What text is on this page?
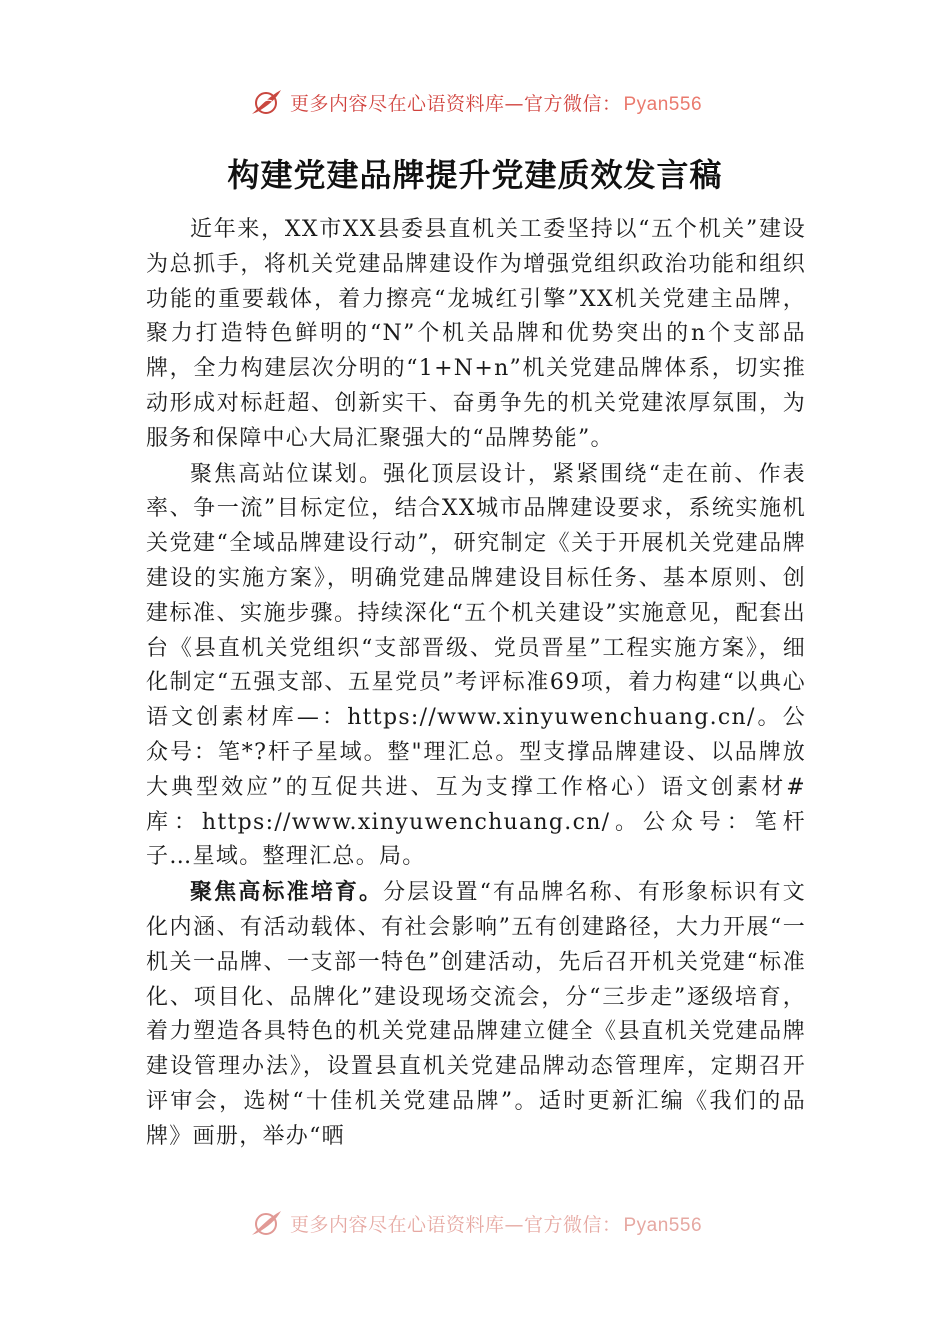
更多内容尽在心语资料库—官方微信： Pyan556
构建党建品牌提升党建质效发言稿

近年来，XX市XX县委县直机关工委坚持以“五个机关”建设为总抓手，将机关党建品牌建设作为增强党组织政治功能和组织功能的重要载体，着力擦亮“龙城红引擎”XX机关党建主品牌，聚力打造特色鲜明的“N”个机关品牌和优势突出的n个支部品牌，全力构建层次分明的“1+N+n”机关党建品牌体系，切实推动形成对标赶超、创新实干、奋勇争先的机关党建浓厚氛围，为服务和保障中心大局汇聚强大的“品牌势能”。

聚焦高站位谋划。强化顶层设计，紧紧围绕“走在前、作表率、争一流”目标定位，结合XX城市品牌建设要求，系统实施机关党建“全域品牌建设行动”，研究制定《关于开展机关党建品牌建设的实施方案》，明确党建品牌建设目标任务、基本原则、创建标准、实施步骤。持续深化“五个机关建设”实施意见，配套出台《县直机关党组织“支部晋级、党员晋星”工程实施方案》，细化制定“五强支部、五星党员”考评标准69项，着力构建“以典心语文创素材库—：https://www.xinyuwenchuang.cn/。公众号：笔*?杆子星域。整"理汇总。型支撑品牌建设、以品牌放大典型效应”的互促共进、互为支撑工作格心）语文创素材#库：https://www.xinyuwenchuang.cn/。公众号：笔杆子…星域。整理汇总。局。

聚焦高标准培育。分层设置“有品牌名称、有形象标识有文化内涵、有活动载体、有社会影响”五有创建路径，大力开展“一机关一品牌、一支部一特色”创建活动，先后召开机关党建“标准化、项目化、品牌化”建设现场交流会，分“三步走”逐级培育，着力塑造各具特色的机关党建品牌建立健全《县直机关党建品牌建设管理办法》，设置县直机关党建品牌动态管理库，定期召开评审会，选树“十佳机关党建品牌”。适时更新汇编《我们的品牌》画册，举办“晒

更多内容尽在心语资料库—官方微信： Pyan556
